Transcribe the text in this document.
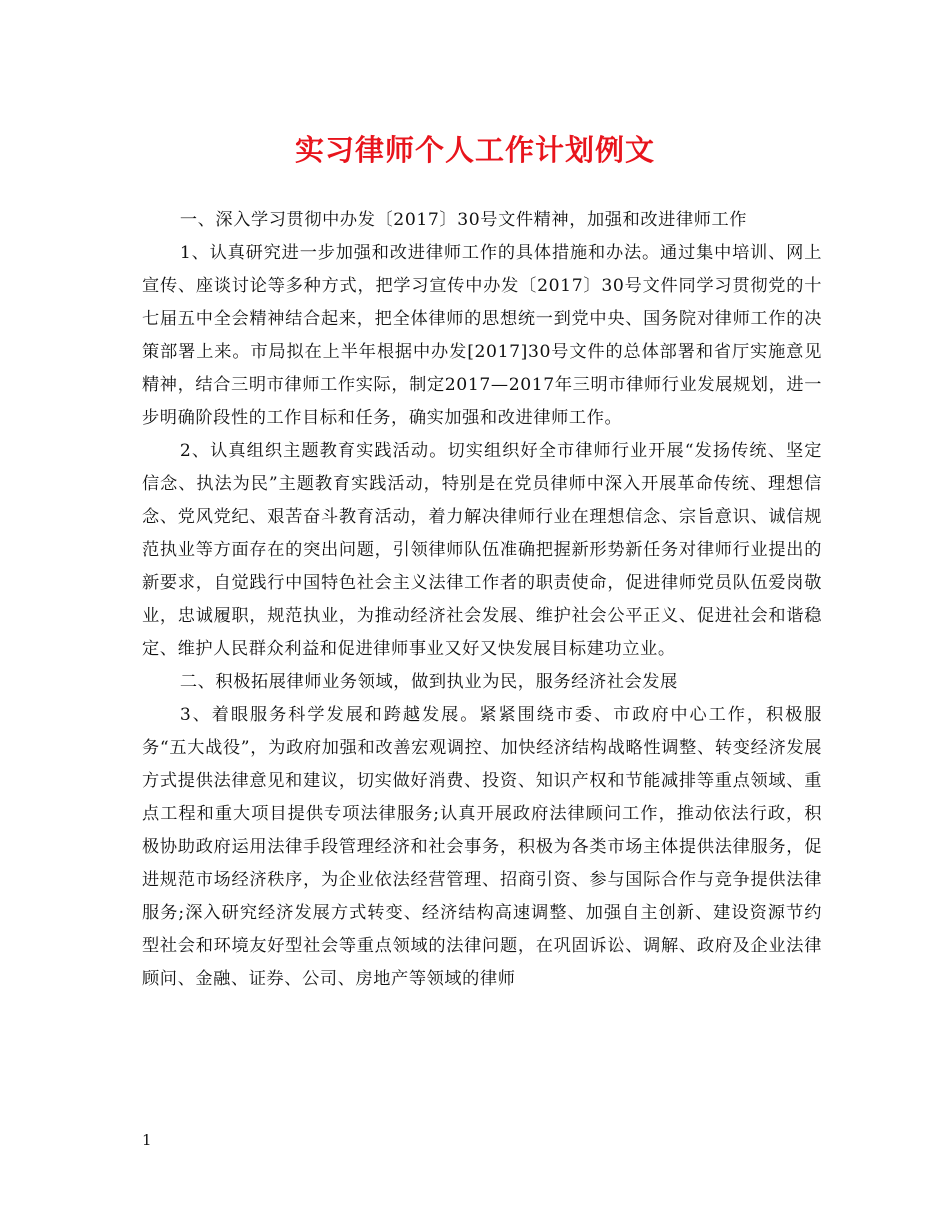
实习律师个人工作计划例文

一、深入学习贯彻中办发〔2017〕30号文件精神，加强和改进律师工作

1、认真研究进一步加强和改进律师工作的具体措施和办法。通过集中培训、网上宣传、座谈讨论等多种方式，把学习宣传中办发〔2017〕30号文件同学习贯彻党的十七届五中全会精神结合起来，把全体律师的思想统一到党中央、国务院对律师工作的决策部署上来。市局拟在上半年根据中办发[2017]30号文件的总体部署和省厅实施意见精神，结合三明市律师工作实际，制定2017—2017年三明市律师行业发展规划，进一步明确阶段性的工作目标和任务，确实加强和改进律师工作。

2、认真组织主题教育实践活动。切实组织好全市律师行业开展“发扬传统、坚定信念、执法为民”主题教育实践活动，特别是在党员律师中深入开展革命传统、理想信念、党风党纪、艰苦奋斗教育活动，着力解决律师行业在理想信念、宗旨意识、诚信规范执业等方面存在的突出问题，引领律师队伍准确把握新形势新任务对律师行业提出的新要求，自觉践行中国特色社会主义法律工作者的职责使命，促进律师党员队伍爱岗敬业，忠诚履职，规范执业，为推动经济社会发展、维护社会公平正义、促进社会和谐稳定、维护人民群众利益和促进律师事业又好又快发展目标建功立业。

二、积极拓展律师业务领域，做到执业为民，服务经济社会发展

3、着眼服务科学发展和跨越发展。紧紧围绕市委、市政府中心工作，积极服务“五大战役”，为政府加强和改善宏观调控、加快经济结构战略性调整、转变经济发展方式提供法律意见和建议，切实做好消费、投资、知识产权和节能减排等重点领域、重点工程和重大项目提供专项法律服务;认真开展政府法律顾问工作，推动依法行政，积极协助政府运用法律手段管理经济和社会事务，积极为各类市场主体提供法律服务，促进规范市场经济秩序，为企业依法经营管理、招商引资、参与国际合作与竞争提供法律服务;深入研究经济发展方式转变、经济结构高速调整、加强自主创新、建设资源节约型社会和环境友好型社会等重点领域的法律问题，在巩固诉讼、调解、政府及企业法律顾问、金融、证券、公司、房地产等领域的律师

1
